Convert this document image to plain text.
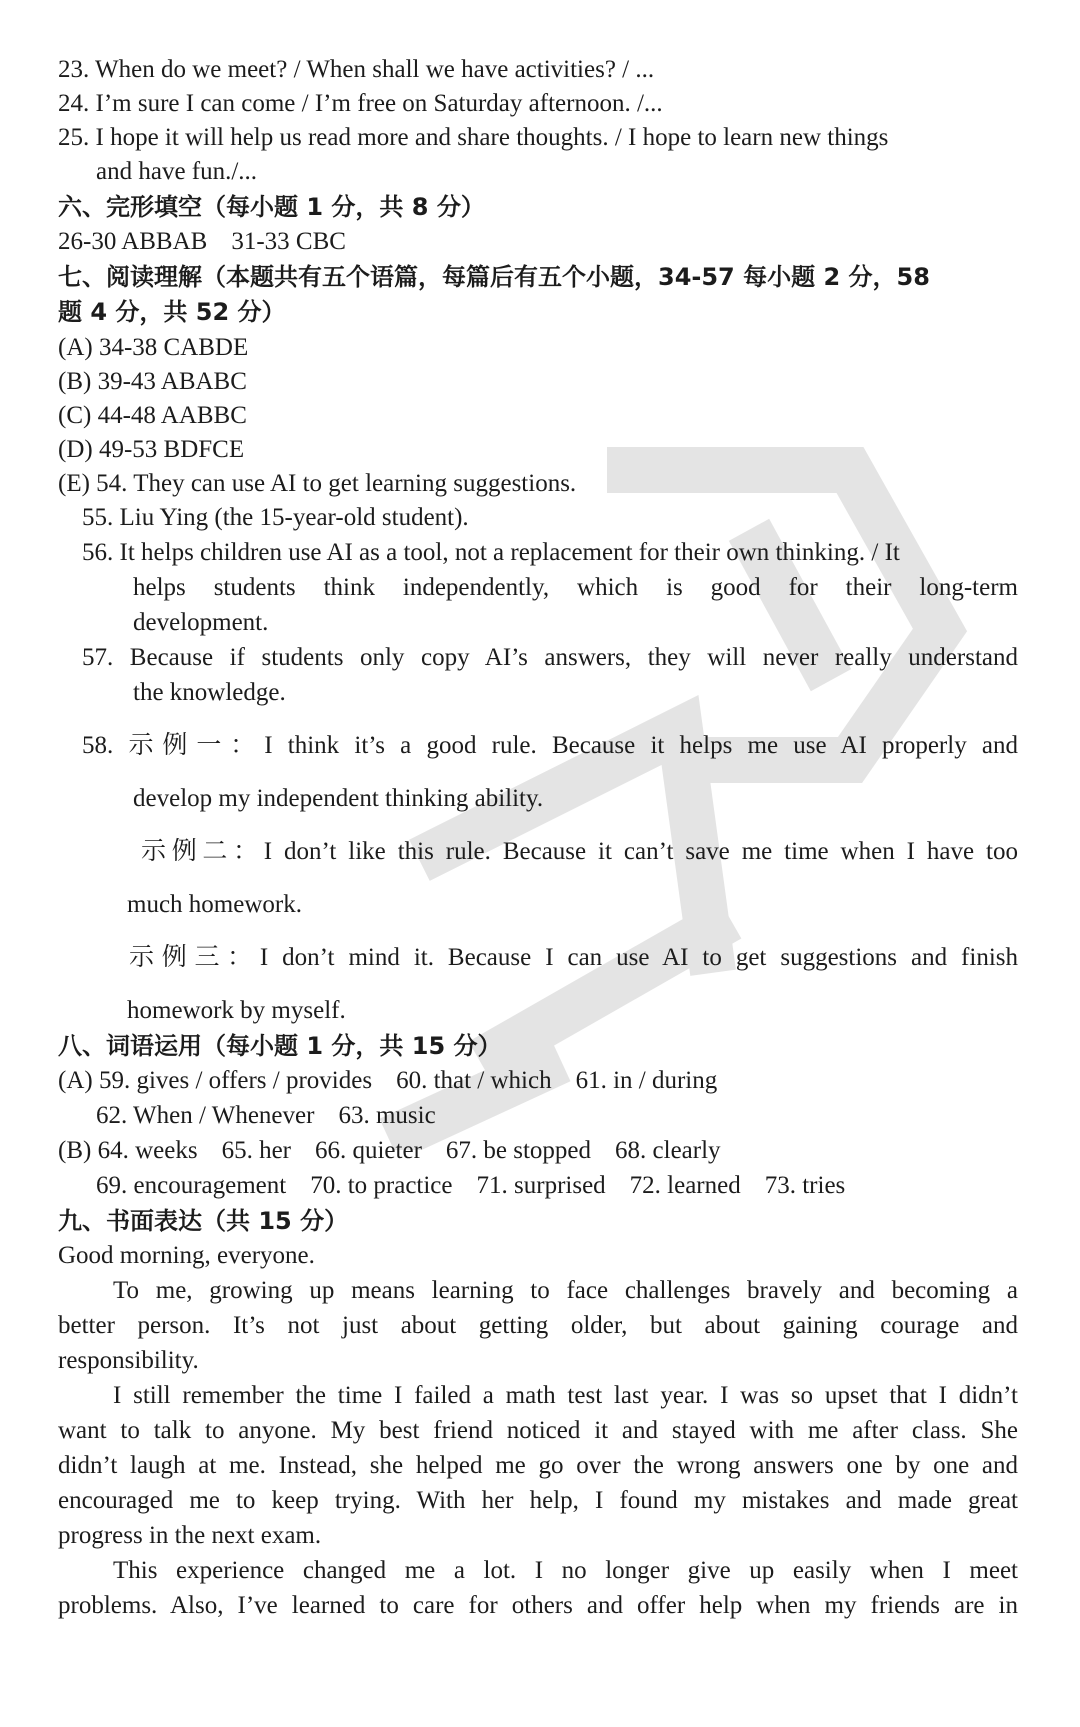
23. When do we meet? / When shall we have activities? / ...
24. I’m sure I can come / I’m free on Saturday afternoon. /...
25. I hope it will help us read more and share thoughts. / I hope to learn new things
and have fun./...
六、完形填空（每小题 1 分，共 8 分）
26-30 ABBAB 31-33 CBC
七、阅读理解（本题共有五个语篇，每篇后有五个小题，34-57 每小题 2 分，58
题 4 分，共 52 分）
(A) 34-38 CABDE
(B) 39-43 ABABC
(C) 44-48 AABBC
(D) 49-53 BDFCE
(E) 54. They can use AI to get learning suggestions.
55. Liu Ying (the 15-year-old student).
56. It helps children use AI as a tool, not a replacement for their own thinking. / It
helps students think independently, which is good for their long-term
development.
57. Because if students only copy AI’s answers, they will never really understand
the knowledge.
58. 示例一：I think it’s a good rule. Because it helps me use AI properly and
develop my independent thinking ability.
示例二：I don’t like this rule. Because it can’t save me time when I have too
much homework.
示例三：I don’t mind it. Because I can use AI to get suggestions and finish
homework by myself.
八、词语运用（每小题 1 分，共 15 分）
(A) 59. gives / offers / provides 60. that / which 61. in / during
62. When / Whenever 63. music
(B) 64. weeks 65. her 66. quieter 67. be stopped 68. clearly
69. encouragement 70. to practice 71. surprised 72. learned 73. tries
九、书面表达（共 15 分）
Good morning, everyone.
To me, growing up means learning to face challenges bravely and becoming a
better person. It’s not just about getting older, but about gaining courage and
responsibility.
I still remember the time I failed a math test last year. I was so upset that I didn’t
want to talk to anyone. My best friend noticed it and stayed with me after class. She
didn’t laugh at me. Instead, she helped me go over the wrong answers one by one and
encouraged me to keep trying. With her help, I found my mistakes and made great
progress in the next exam.
This experience changed me a lot. I no longer give up easily when I meet
problems. Also, I’ve learned to care for others and offer help when my friends are in
